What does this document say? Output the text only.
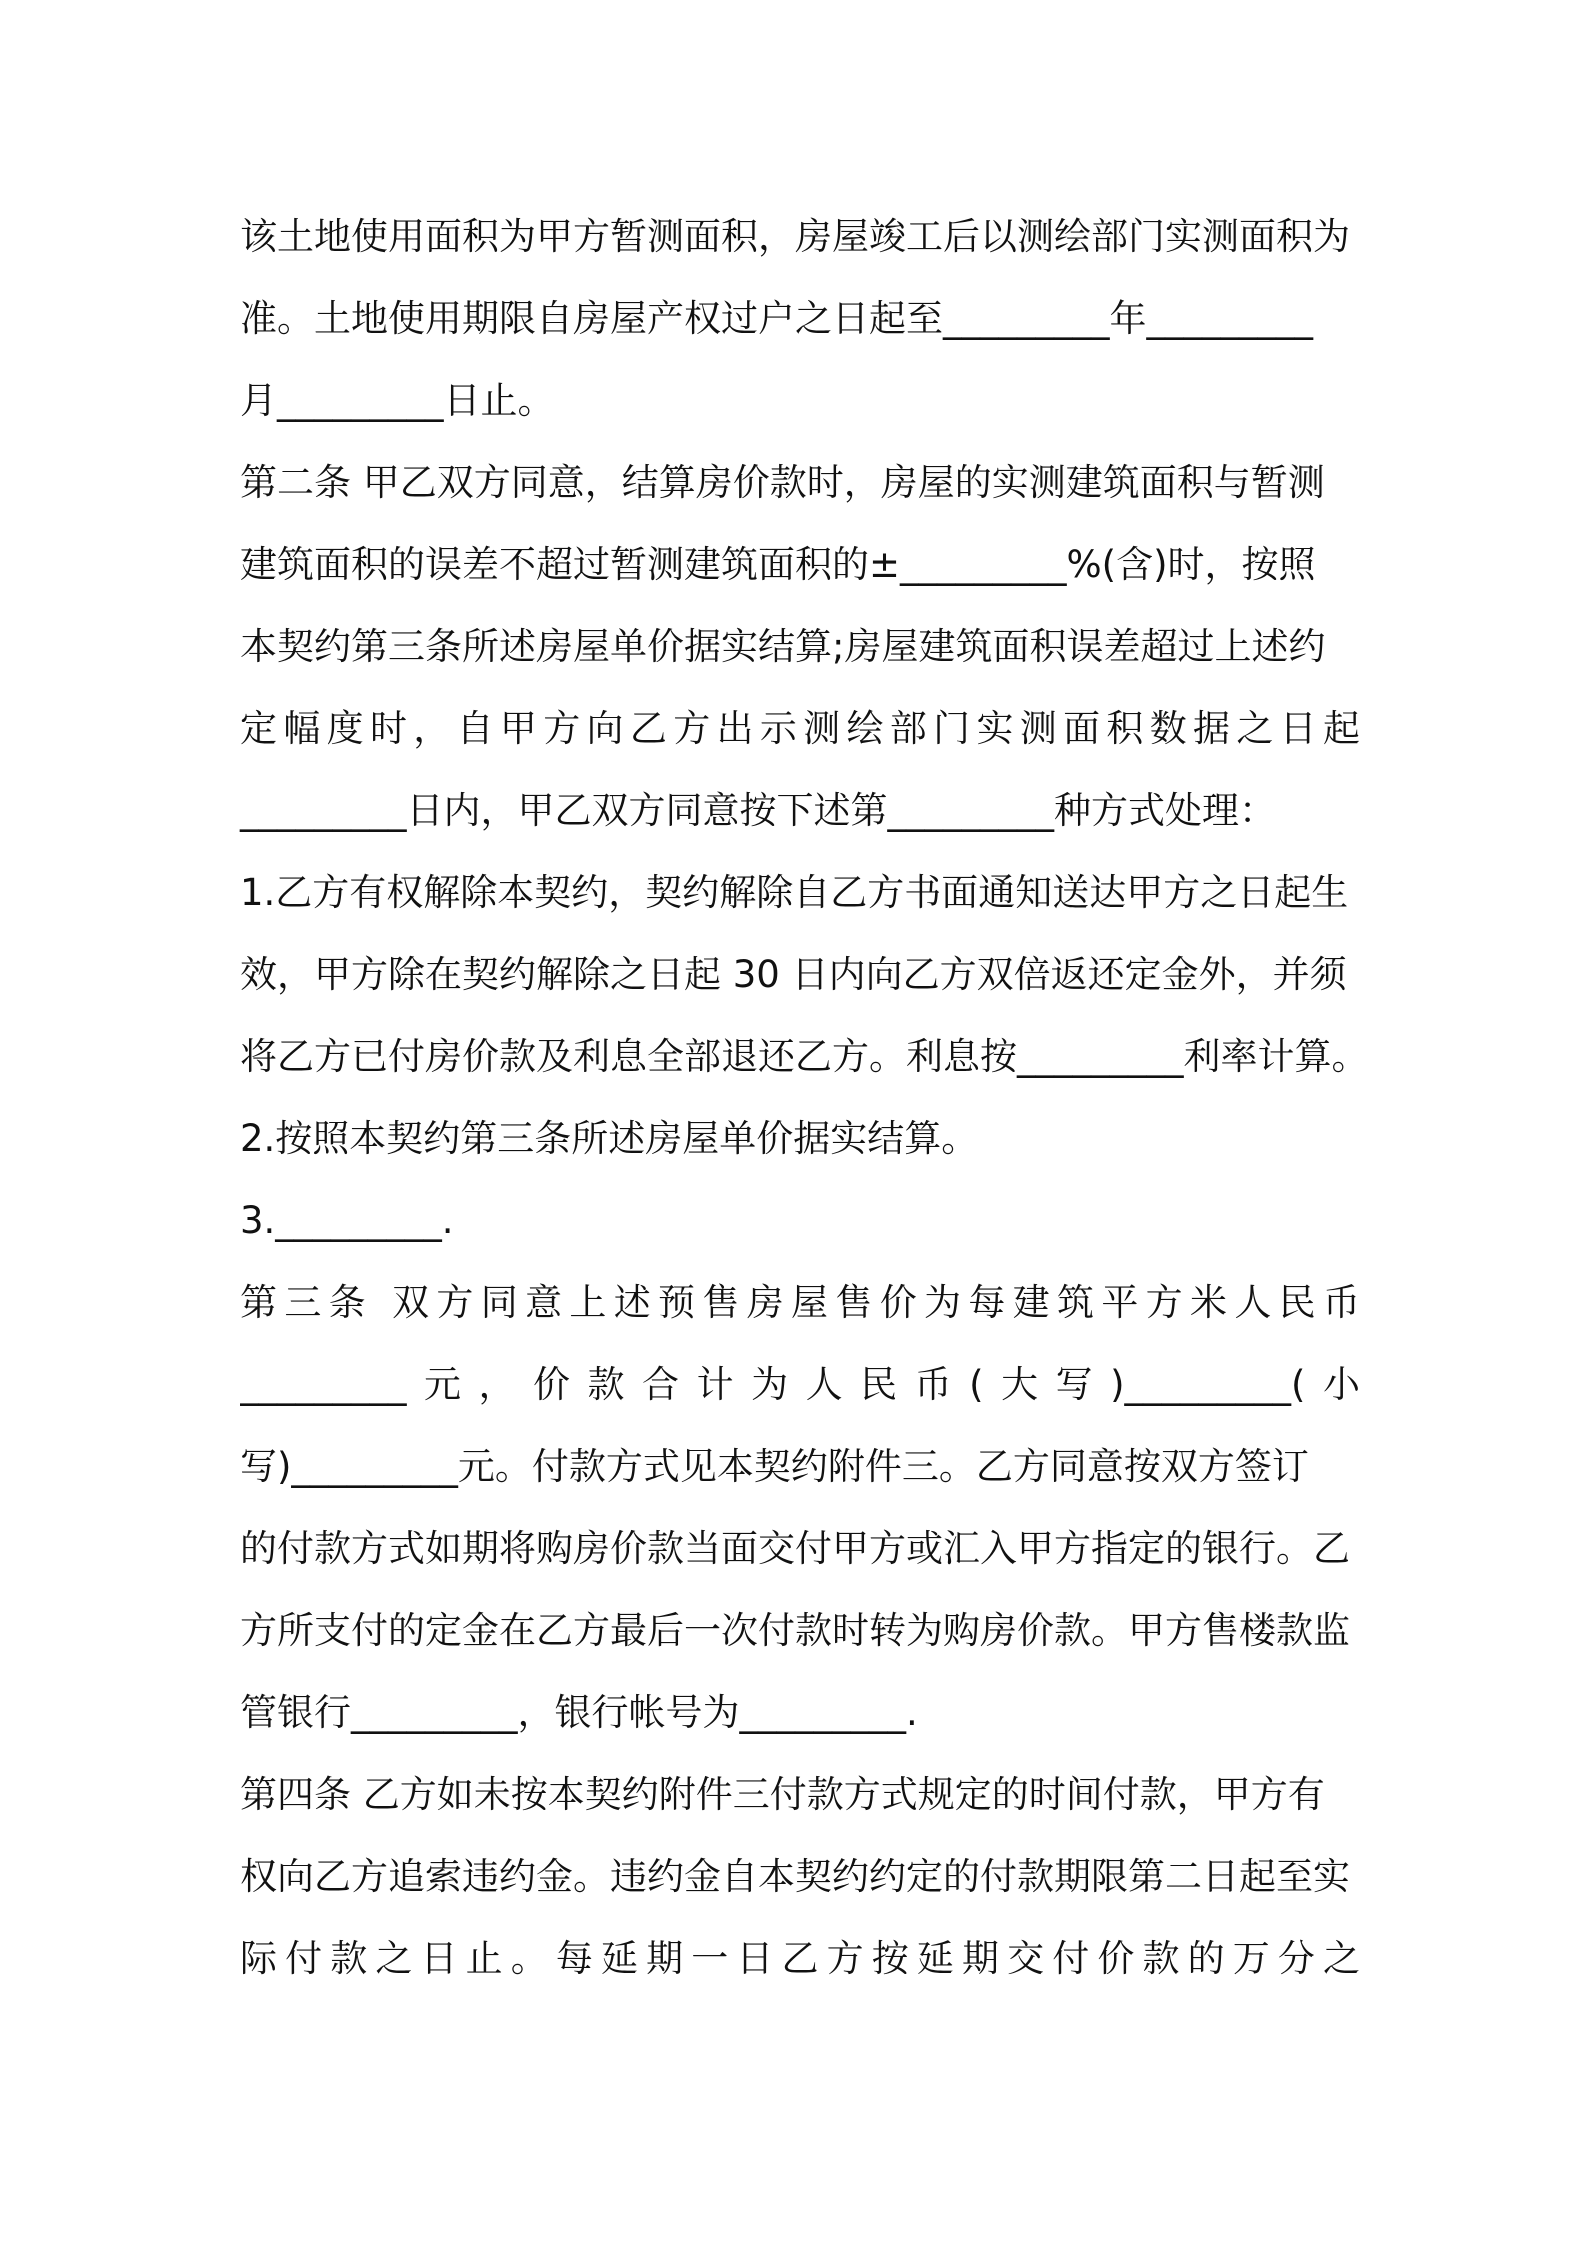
该土地使用面积为甲方暂测面积，房屋竣工后以测绘部门实测面积为
准。土地使用期限自房屋产权过户之日起至_________年_________
月_________日止。
第二条 甲乙双方同意，结算房价款时，房屋的实测建筑面积与暂测
建筑面积的误差不超过暂测建筑面积的±_________%(含)时，按照
本契约第三条所述房屋单价据实结算;房屋建筑面积误差超过上述约
定幅度时，自甲方向乙方出示测绘部门实测面积数据之日起
_________日内，甲乙双方同意按下述第_________种方式处理：
1.乙方有权解除本契约，契约解除自乙方书面通知送达甲方之日起生
效，甲方除在契约解除之日起 30 日内向乙方双倍返还定金外，并须
将乙方已付房价款及利息全部退还乙方。利息按_________利率计算。
2.按照本契约第三条所述房屋单价据实结算。
3._________.
第三条 双方同意上述预售房屋售价为每建筑平方米人民币
_________元，价款合计为人民币(大写)_________(小
写)_________元。付款方式见本契约附件三。乙方同意按双方签订
的付款方式如期将购房价款当面交付甲方或汇入甲方指定的银行。乙
方所支付的定金在乙方最后一次付款时转为购房价款。甲方售楼款监
管银行_________，银行帐号为_________.
第四条 乙方如未按本契约附件三付款方式规定的时间付款，甲方有
权向乙方追索违约金。违约金自本契约约定的付款期限第二日起至实
际付款之日止。每延期一日乙方按延期交付价款的万分之
